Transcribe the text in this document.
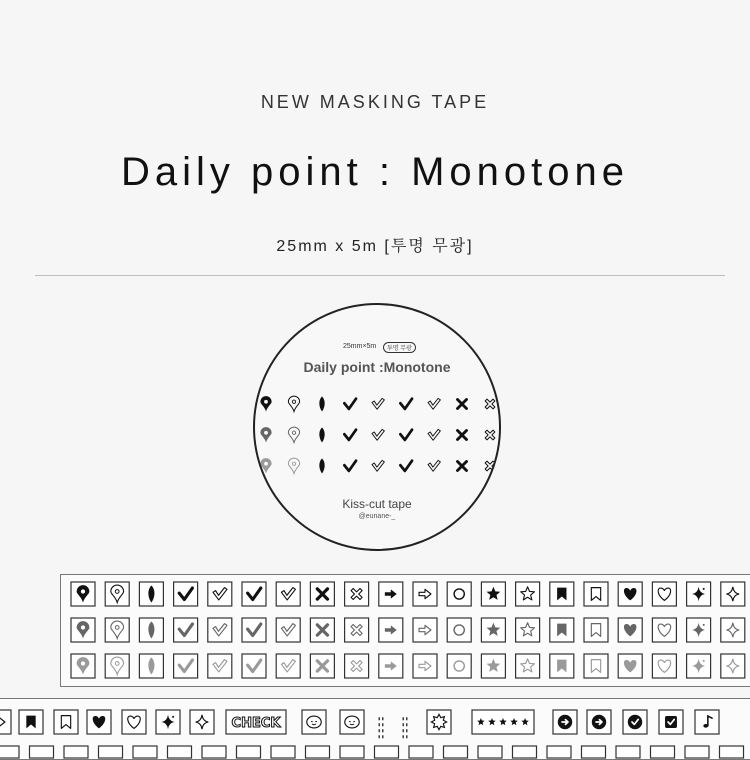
NEW MASKING TAPE
Daily point : Monotone
25mm x 5m [투명 무광]
25mm×5m	투명 무광
Daily point :Monotone
Kiss-cut tape
@eunane-_
CHECK
